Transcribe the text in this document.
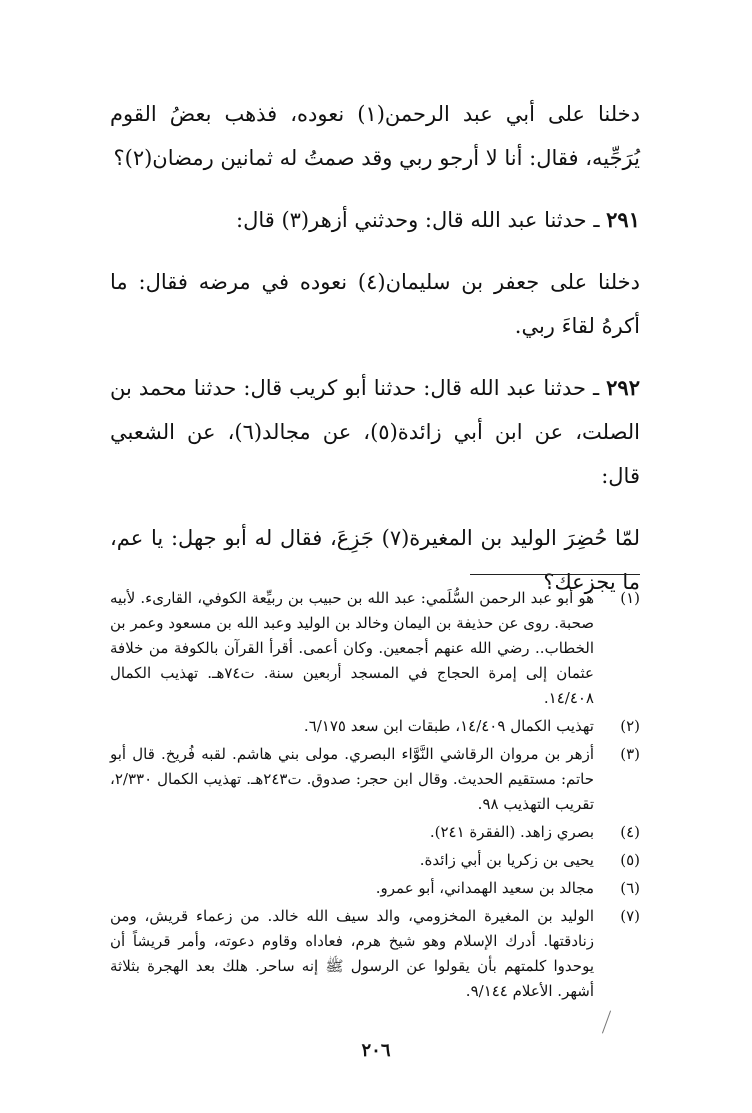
دخلنا على أبي عبد الرحمن(١) نعوده، فذهب بعضُ القوم يُرَجِّيه، فقال: أنا لا أرجو ربي وقد صمتُ له ثمانين رمضان(٢)؟

٢٩١ ـ حدثنا عبد الله قال: وحدثني أزهر(٣) قال:

دخلنا على جعفر بن سليمان(٤) نعوده في مرضه فقال: ما أكرهُ لقاءَ ربي.

٢٩٢ ـ حدثنا عبد الله قال: حدثنا أبو كريب قال: حدثنا محمد بن الصلت، عن ابن أبي زائدة(٥)، عن مجالد(٦)، عن الشعبي قال:

لمّا حُضِرَ الوليد بن المغيرة(٧) جَزِعَ، فقال له أبو جهل: يا عم، ما يجزعك؟

(١)
هو أبو عبد الرحمن السُّلَمي: عبد الله بن حبيب بن ربيِّعة الكوفي، القارىء. لأبيه صحبة. روى عن حذيفة بن اليمان وخالد بن الوليد وعبد الله بن مسعود وعمر بن الخطاب.. رضي الله عنهم أجمعين. وكان أعمى. أقرأ القرآن بالكوفة من خلافة عثمان إلى إمرة الحجاج في المسجد أربعين سنة. ت٧٤هـ. تهذيب الكمال ١٤/٤٠٨.
(٢)
تهذيب الكمال ١٤/٤٠٩، طبقات ابن سعد ٦/١٧٥.
(٣)
أزهر بن مروان الرقاشي النَّوَّاء البصري. مولى بني هاشم. لقبه فُريخ. قال أبو حاتم: مستقيم الحديث. وقال ابن حجر: صدوق. ت٢٤٣هـ. تهذيب الكمال ٢/٣٣٠، تقريب التهذيب ٩٨.
(٤)
بصري زاهد. (الفقرة ٢٤١).
(٥)
يحيى بن زكريا بن أبي زائدة.
(٦)
مجالد بن سعيد الهمداني، أبو عمرو.
(٧)
الوليد بن المغيرة المخزومي، والد سيف الله خالد. من زعماء قريش، ومن زنادقتها. أدرك الإسلام وهو شيخ هرم، فعاداه وقاوم دعوته، وأمر قريشاً أن يوحدوا كلمتهم بأن يقولوا عن الرسول ﷺ إنه ساحر. هلك بعد الهجرة بثلاثة أشهر. الأعلام ٩/١٤٤.
٢٠٦
